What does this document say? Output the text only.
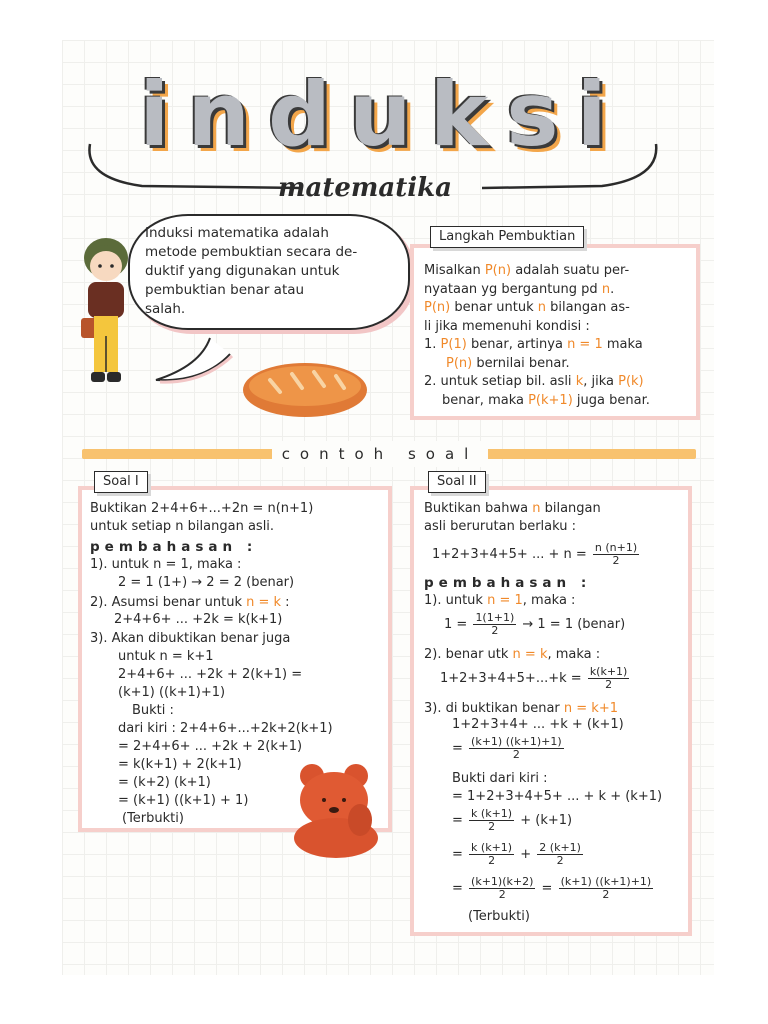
induksi
matematika
Induksi matematika adalah
metode pembuktian secara de-
duktif yang digunakan untuk
pembuktian benar atau
salah.
Langkah Pembuktian
Misalkan P(n) adalah suatu per-
nyataan yg bergantung pd n.
P(n) benar untuk n bilangan as-
li jika memenuhi kondisi :
1. P(1) benar, artinya n = 1 maka
P(n) bernilai benar.
2. untuk setiap bil. asli k, jika P(k)
benar, maka P(k+1) juga benar.
contoh soal
Soal I
Buktikan 2+4+6+...+2n = n(n+1)
untuk setiap n bilangan asli.
pembahasan :
1). untuk n = 1, maka :
2 = 1 (1+) → 2 = 2 (benar)
2). Asumsi benar untuk n = k :
2+4+6+ ... +2k = k(k+1)
3). Akan dibuktikan benar juga
untuk n = k+1
2+4+6+ ... +2k + 2(k+1) =
(k+1) ((k+1)+1)
Bukti :
dari kiri : 2+4+6+...+2k+2(k+1)
= 2+4+6+ ... +2k + 2(k+1)
= k(k+1) + 2(k+1)
= (k+2) (k+1)
= (k+1) ((k+1) + 1)
(Terbukti)
Soal II
Buktikan bahwa n bilangan
asli berurutan berlaku :
1+2+3+4+5+ ... + $n = \frac{n (n+1)}{2}$
pembahasan :
1). untuk n = 1, maka :
$1 = \frac{1(1+1)}{2} \to 1 = 1$ (benar)
2). benar utk n = k, maka :
$1+2+3+4+5+...+k = \frac{k(k+1)}{2}$
3). di buktikan benar n = k+1
1+2+3+4+ ... +k + (k+1)
= $\frac{(k+1) ((k+1)+1)}{2}$
Bukti dari kiri :
= 1+2+3+4+5+ ... + k + (k+1)
= $\frac{k (k+1)}{2} + (k+1)$
= $\frac{k (k+1)}{2} + \frac{2 (k+1)}{2}$
= $\frac{(k+1)(k+2)}{2} = \frac{(k+1) ((k+1)+1)}{2}$
(Terbukti)
